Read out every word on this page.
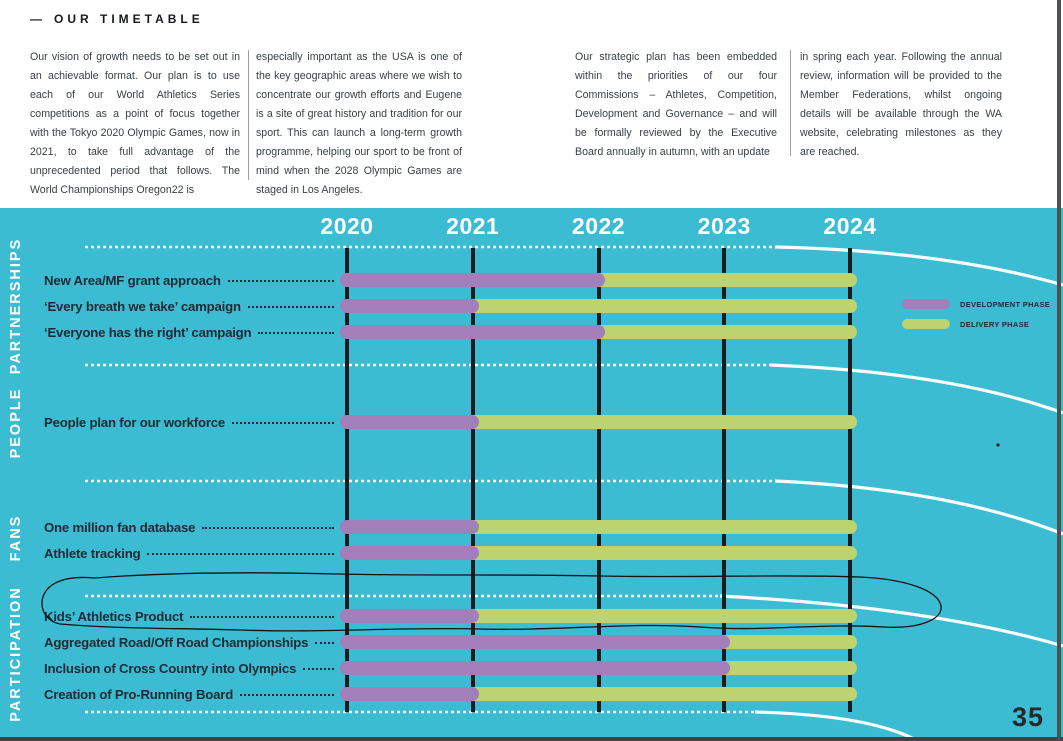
— OUR TIMETABLE
Our vision of growth needs to be set out in an achievable format. Our plan is to use each of our World Athletics Series competitions as a point of focus together with the Tokyo 2020 Olympic Games, now in 2021, to take full advantage of the unprecedented period that follows. The World Championships Oregon22 is
especially important as the USA is one of the key geographic areas where we wish to concentrate our growth efforts and Eugene is a site of great history and tradition for our sport. This can launch a long-term growth programme, helping our sport to be front of mind when the 2028 Olympic Games are staged in Los Angeles.
Our strategic plan has been embedded within the priorities of our four Commissions – Athletes, Competition, Development and Governance – and will be formally reviewed by the Executive Board annually in autumn, with an update
in spring each year. Following the annual review, information will be provided to the Member Federations, whilst ongoing details will be available through the WA website, celebrating milestones as they are reached.
2020	2021	2022	2023	2024
PARTNERSHIPS New Area/MF grant approach
‘Every breath we take’ campaign
‘Everyone has the right’ campaign
PEOPLE People plan for our workforce
FANS One million fan database
Athlete tracking
PARTICIPATION Kids’ Athletics Product
Aggregated Road/Off Road Championships
Inclusion of Cross Country into Olympics
Creation of Pro-Running Board
DEVELOPMENT PHASE
DELIVERY PHASE
35
